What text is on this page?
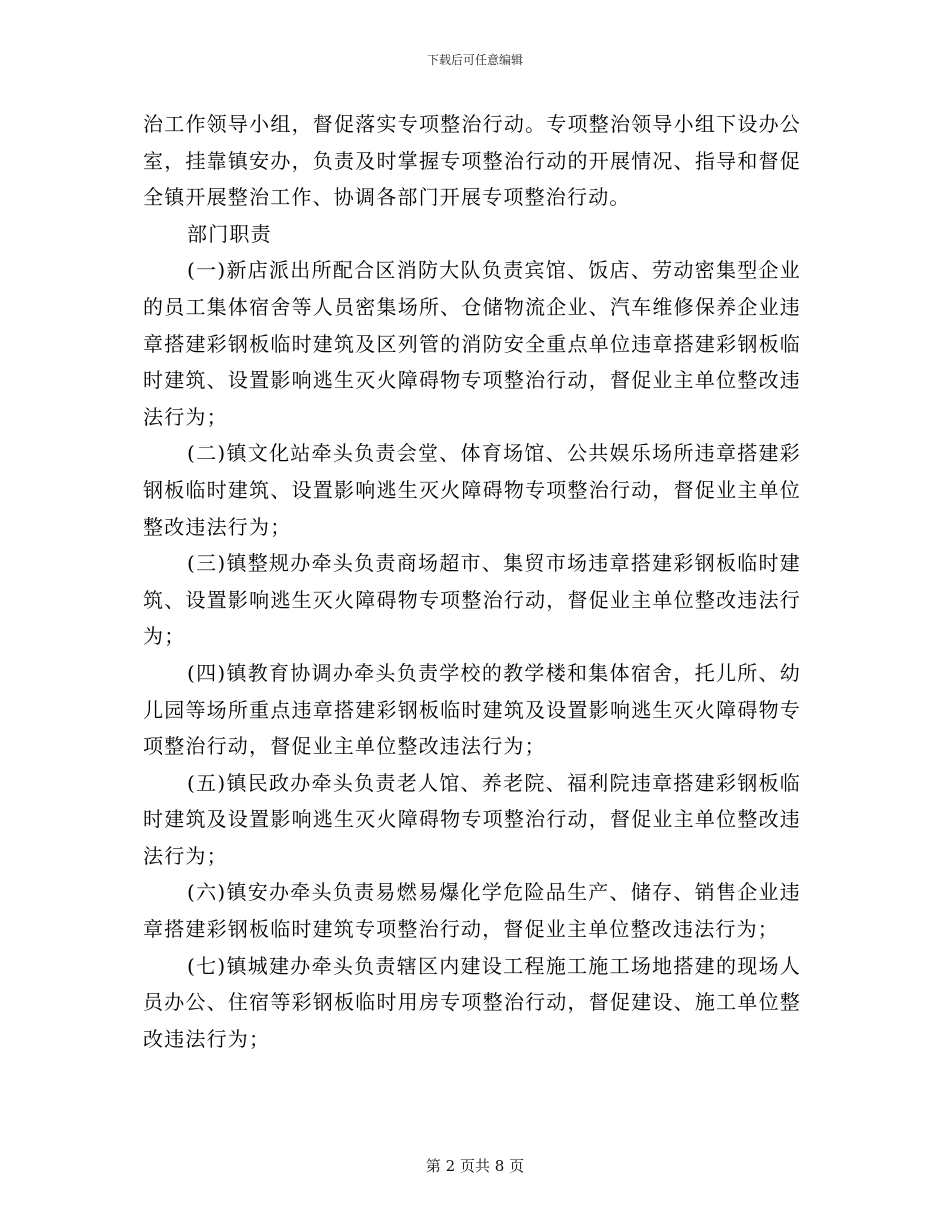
下载后可任意编辑

治工作领导小组，督促落实专项整治行动。专项整治领导小组下设办公室，挂靠镇安办，负责及时掌握专项整治行动的开展情况、指导和督促全镇开展整治工作、协调各部门开展专项整治行动。

部门职责

(一)新店派出所配合区消防大队负责宾馆、饭店、劳动密集型企业的员工集体宿舍等人员密集场所、仓储物流企业、汽车维修保养企业违章搭建彩钢板临时建筑及区列管的消防安全重点单位违章搭建彩钢板临时建筑、设置影响逃生灭火障碍物专项整治行动，督促业主单位整改违法行为；

(二)镇文化站牵头负责会堂、体育场馆、公共娱乐场所违章搭建彩钢板临时建筑、设置影响逃生灭火障碍物专项整治行动，督促业主单位整改违法行为；

(三)镇整规办牵头负责商场超市、集贸市场违章搭建彩钢板临时建筑、设置影响逃生灭火障碍物专项整治行动，督促业主单位整改违法行为；

(四)镇教育协调办牵头负责学校的教学楼和集体宿舍，托儿所、幼儿园等场所重点违章搭建彩钢板临时建筑及设置影响逃生灭火障碍物专项整治行动，督促业主单位整改违法行为；

(五)镇民政办牵头负责老人馆、养老院、福利院违章搭建彩钢板临时建筑及设置影响逃生灭火障碍物专项整治行动，督促业主单位整改违法行为；

(六)镇安办牵头负责易燃易爆化学危险品生产、储存、销售企业违章搭建彩钢板临时建筑专项整治行动，督促业主单位整改违法行为；

(七)镇城建办牵头负责辖区内建设工程施工施工场地搭建的现场人员办公、住宿等彩钢板临时用房专项整治行动，督促建设、施工单位整改违法行为；

第 2 页共 8 页
